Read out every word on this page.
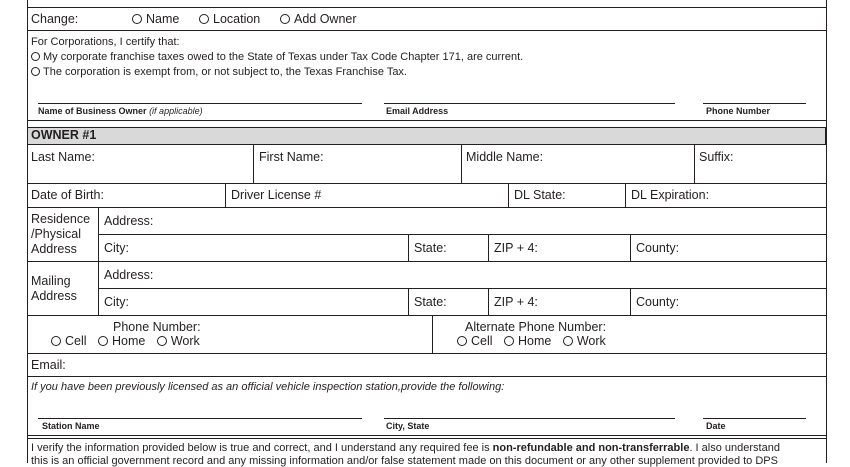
Change:	Name	Location	Add Owner
For Corporations, I certify that:
My corporate franchise taxes owed to the State of Texas under Tax Code Chapter 171, are current.
The corporation is exempt from, or not subject to, the Texas Franchise Tax.
Name of Business Owner (if applicable)	Email Address	Phone Number
OWNER #1
Last Name:	First Name:	Middle Name:	Suffix:
Date of Birth:	Driver License #	DL State:	DL Expiration:
Residence
/Physical
Address
Address:
City:	State:	ZIP + 4:	County:
Mailing
Address
Address:
City:	State:	ZIP + 4:	County:
Phone Number:
Cell Home Work
Alternate Phone Number:
Cell Home Work
Email:
If you have been previously licensed as an official vehicle inspection station,provide the following:
Station Name	City, State	Date
I verify the information provided below is true and correct, and I understand any required fee is non-refundable and non-transferrable. I also understand
this is an official government record and any missing information and/or false statement made on this document or any other supplement provided to DPS
